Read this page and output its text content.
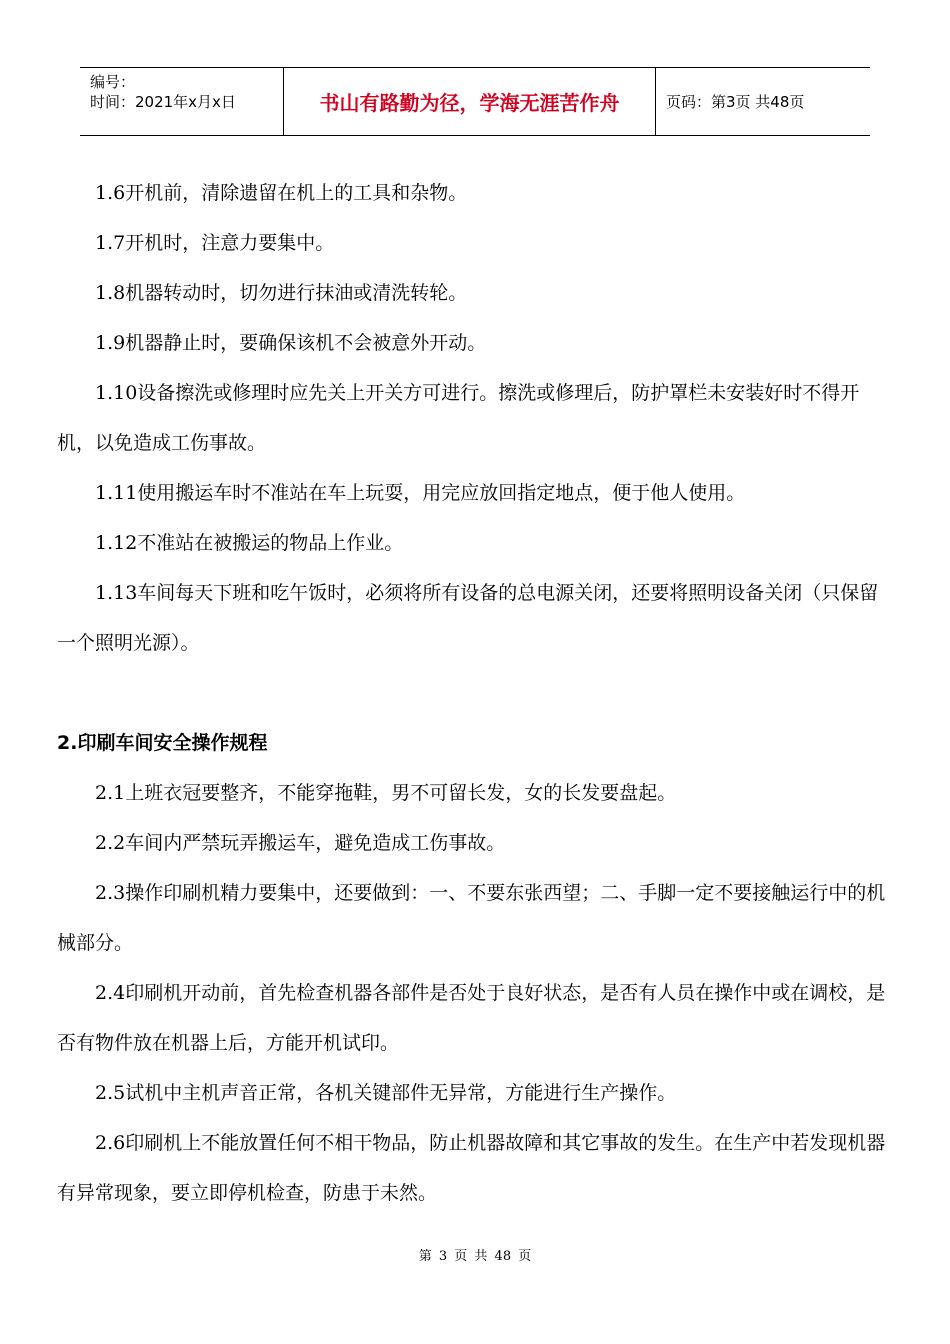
编号：
时间：2021年x月x日	书山有路勤为径，学海无涯苦作舟	页码：第3页 共48页

1.6开机前，清除遗留在机上的工具和杂物。

1.7开机时，注意力要集中。

1.8机器转动时，切勿进行抹油或清洗转轮。

1.9机器静止时，要确保该机不会被意外开动。

1.10设备擦洗或修理时应先关上开关方可进行。擦洗或修理后，防护罩栏未安装好时不得开机，以免造成工伤事故。

1.11使用搬运车时不准站在车上玩耍，用完应放回指定地点，便于他人使用。

1.12不准站在被搬运的物品上作业。

1.13车间每天下班和吃午饭时，必须将所有设备的总电源关闭，还要将照明设备关闭（只保留一个照明光源）。

2.印刷车间安全操作规程

2.1上班衣冠要整齐，不能穿拖鞋，男不可留长发，女的长发要盘起。

2.2车间内严禁玩弄搬运车，避免造成工伤事故。

2.3操作印刷机精力要集中，还要做到：一、不要东张西望；二、手脚一定不要接触运行中的机械部分。

2.4印刷机开动前，首先检查机器各部件是否处于良好状态，是否有人员在操作中或在调校，是否有物件放在机器上后，方能开机试印。

2.5试机中主机声音正常，各机关键部件无异常，方能进行生产操作。

2.6印刷机上不能放置任何不相干物品，防止机器故障和其它事故的发生。在生产中若发现机器有异常现象，要立即停机检查，防患于未然。

第 3 页 共 48 页
